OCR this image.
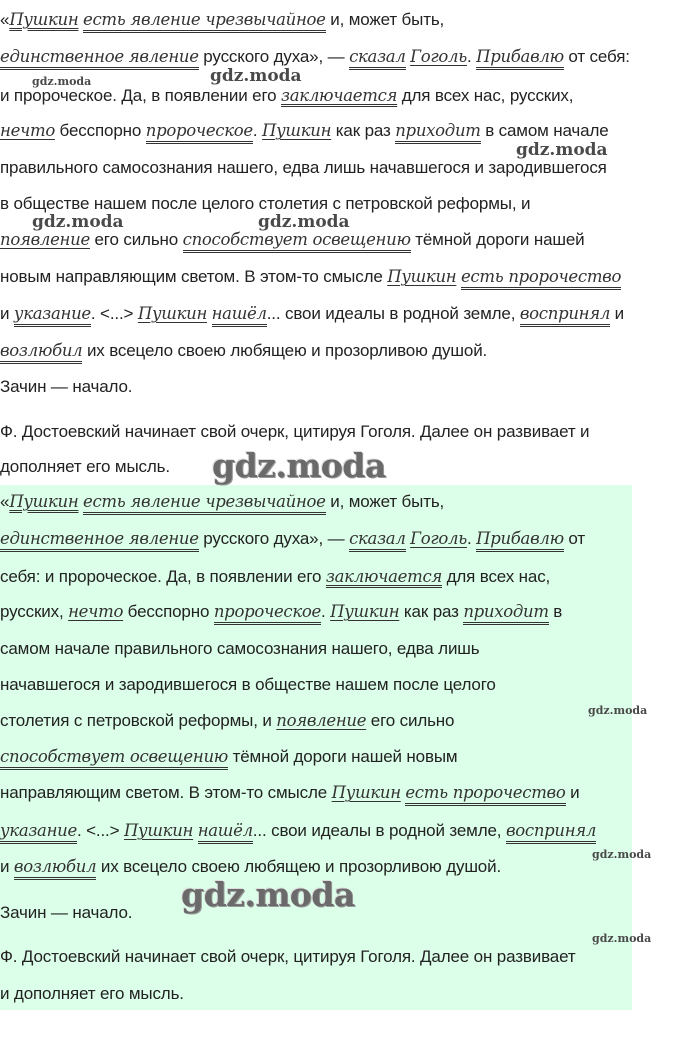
«Пушкин есть явление чрезвычайное и, может быть,
единственное явление русского духа», — сказал Гоголь. Прибавлю от себя:
и пророческое. Да, в появлении его заключается для всех нас, русских,
нечто бесспорно пророческое. Пушкин как раз приходит в самом начале
правильного самосознания нашего, едва лишь начавшегося и зародившегося
в обществе нашем после целого столетия с петровской реформы, и
появление его сильно способствует освещению тёмной дороги нашей
новым направляющим светом. В этом-то смысле Пушкин есть пророчество
и указание. <...> Пушкин нашёл... свои идеалы в родной земле, воспринял и
возлюбил их всецело своею любящею и прозорливою душой.
Зачин — начало.
Ф. Достоевский начинает свой очерк, цитируя Гоголя. Далее он развивает и
дополняет его мысль.
«Пушкин есть явление чрезвычайное и, может быть,
единственное явление русского духа», — сказал Гоголь. Прибавлю от
себя: и пророческое. Да, в появлении его заключается для всех нас,
русских, нечто бесспорно пророческое. Пушкин как раз приходит в
самом начале правильного самосознания нашего, едва лишь
начавшегося и зародившегося в обществе нашем после целого
столетия с петровской реформы, и появление его сильно
способствует освещению тёмной дороги нашей новым
направляющим светом. В этом-то смысле Пушкин есть пророчество и
указание. <...> Пушкин нашёл... свои идеалы в родной земле, воспринял
и возлюбил их всецело своею любящею и прозорливою душой.
Зачин — начало.
Ф. Достоевский начинает свой очерк, цитируя Гоголя. Далее он развивает
и дополняет его мысль.
gdz.moda	gdz.moda
gdz.moda
gdz.moda	gdz.moda
gdz.moda
gdz.moda
gdz.moda
gdz.moda
gdz.moda
